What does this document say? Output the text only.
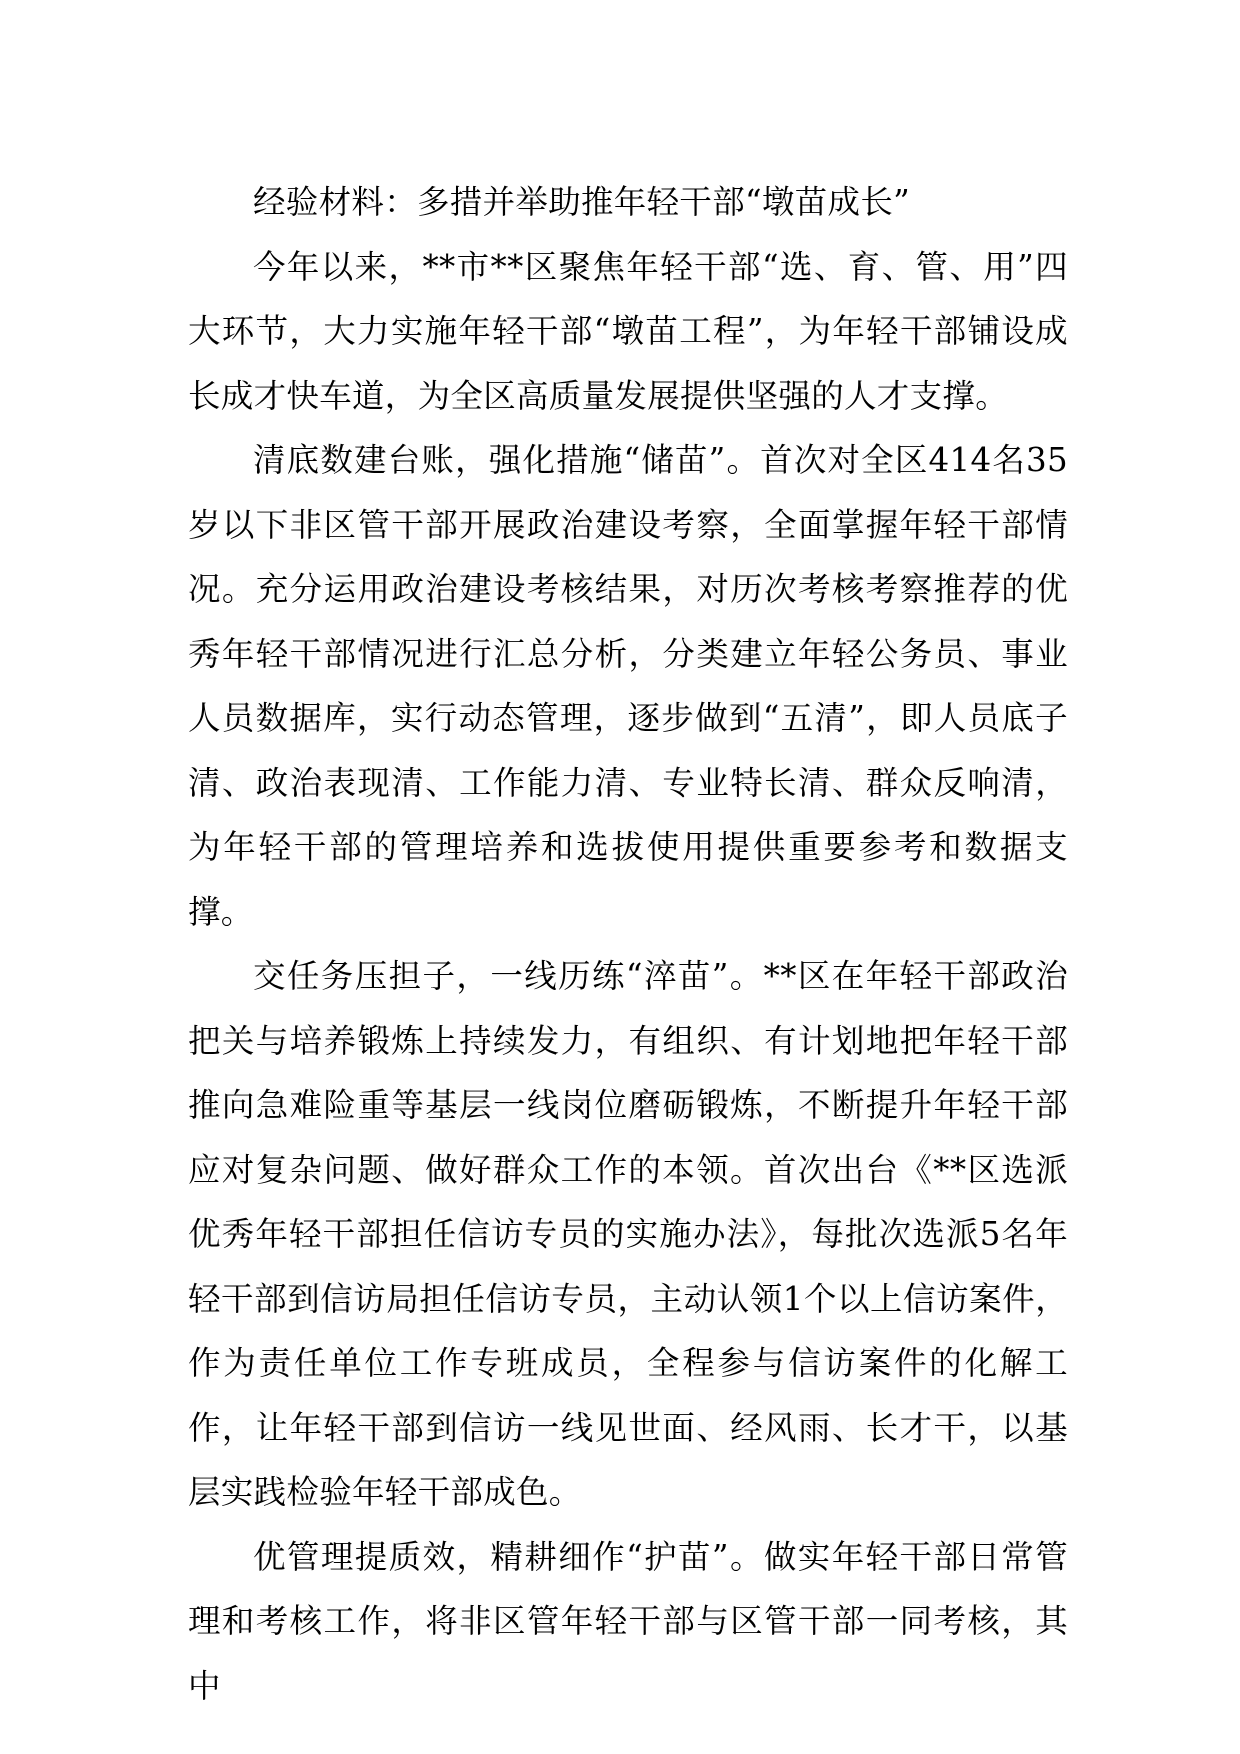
经验材料：多措并举助推年轻干部“墩苗成长”

今年以来，**市**区聚焦年轻干部“选、育、管、用”四大环节，大力实施年轻干部“墩苗工程”，为年轻干部铺设成长成才快车道，为全区高质量发展提供坚强的人才支撑。

清底数建台账，强化措施“储苗”。首次对全区414名35岁以下非区管干部开展政治建设考察，全面掌握年轻干部情况。充分运用政治建设考核结果，对历次考核考察推荐的优秀年轻干部情况进行汇总分析，分类建立年轻公务员、事业人员数据库，实行动态管理，逐步做到“五清”，即人员底子清、政治表现清、工作能力清、专业特长清、群众反响清，为年轻干部的管理培养和选拔使用提供重要参考和数据支撑。

交任务压担子，一线历练“淬苗”。**区在年轻干部政治把关与培养锻炼上持续发力，有组织、有计划地把年轻干部推向急难险重等基层一线岗位磨砺锻炼，不断提升年轻干部应对复杂问题、做好群众工作的本领。首次出台《**区选派优秀年轻干部担任信访专员的实施办法》，每批次选派5名年轻干部到信访局担任信访专员，主动认领1个以上信访案件，作为责任单位工作专班成员，全程参与信访案件的化解工作，让年轻干部到信访一线见世面、经风雨、长才干，以基层实践检验年轻干部成色。

优管理提质效，精耕细作“护苗”。做实年轻干部日常管理和考核工作，将非区管年轻干部与区管干部一同考核，其中
